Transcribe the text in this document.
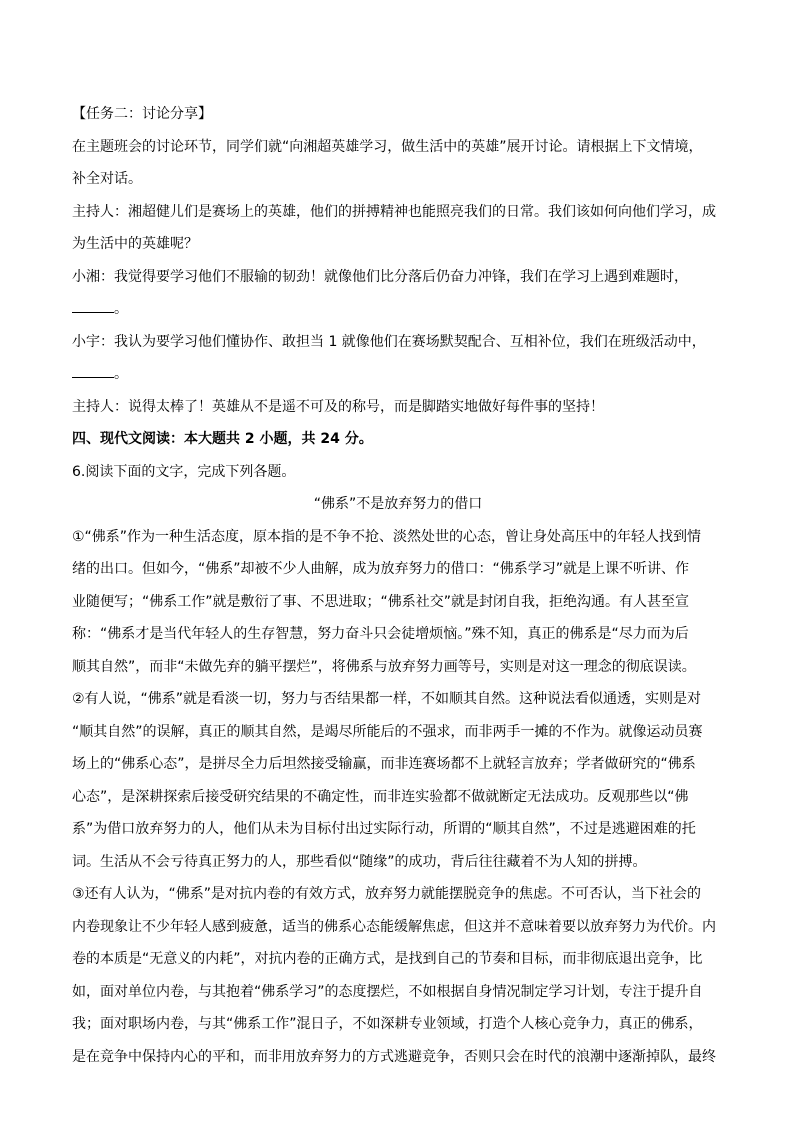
【任务二：讨论分享】

在主题班会的讨论环节，同学们就“向湘超英雄学习，做生活中的英雄”展开讨论。请根据上下文情境，

补全对话。

主持人：湘超健儿们是赛场上的英雄，他们的拼搏精神也能照亮我们的日常。我们该如何向他们学习，成

为生活中的英雄呢？

小湘：我觉得要学习他们不服输的韧劲！就像他们比分落后仍奋力冲锋，我们在学习上遇到难题时，

。

小宇：我认为要学习他们懂协作、敢担当 1 就像他们在赛场默契配合、互相补位，我们在班级活动中，

。

主持人：说得太棒了！英雄从不是遥不可及的称号，而是脚踏实地做好每件事的坚持！

四、现代文阅读：本大题共 2 小题，共 24 分。

6.阅读下面的文字，完成下列各题。

“佛系”不是放弃努力的借口

①“佛系”作为一种生活态度，原本指的是不争不抢、淡然处世的心态，曾让身处高压中的年轻人找到情

绪的出口。但如今，“佛系”却被不少人曲解，成为放弃努力的借口：“佛系学习”就是上课不听讲、作

业随便写；“佛系工作”就是敷衍了事、不思进取；“佛系社交”就是封闭自我，拒绝沟通。有人甚至宣

称：“佛系才是当代年轻人的生存智慧，努力奋斗只会徒增烦恼。”殊不知，真正的佛系是“尽力而为后

顺其自然”，而非“未做先弃的躺平摆烂”，将佛系与放弃努力画等号，实则是对这一理念的彻底误读。

②有人说，“佛系”就是看淡一切，努力与否结果都一样，不如顺其自然。这种说法看似通透，实则是对

“顺其自然”的误解，真正的顺其自然，是竭尽所能后的不强求，而非两手一摊的不作为。就像运动员赛

场上的“佛系心态”，是拼尽全力后坦然接受输赢，而非连赛场都不上就轻言放弃；学者做研究的“佛系

心态”，是深耕探索后接受研究结果的不确定性，而非连实验都不做就断定无法成功。反观那些以“佛

系”为借口放弃努力的人，他们从未为目标付出过实际行动，所谓的“顺其自然”，不过是逃避困难的托

词。生活从不会亏待真正努力的人，那些看似“随缘”的成功，背后往往藏着不为人知的拼搏。

③还有人认为，“佛系”是对抗内卷的有效方式，放弃努力就能摆脱竞争的焦虑。不可否认，当下社会的

内卷现象让不少年轻人感到疲惫，适当的佛系心态能缓解焦虑，但这并不意味着要以放弃努力为代价。内

卷的本质是“无意义的内耗”，对抗内卷的正确方式，是找到自己的节奏和目标，而非彻底退出竞争，比

如，面对单位内卷，与其抱着“佛系学习”的态度摆烂，不如根据自身情况制定学习计划，专注于提升自

我；面对职场内卷，与其“佛系工作”混日子，不如深耕专业领域，打造个人核心竞争力，真正的佛系，

是在竞争中保持内心的平和，而非用放弃努力的方式逃避竞争，否则只会在时代的浪潮中逐渐掉队，最终
